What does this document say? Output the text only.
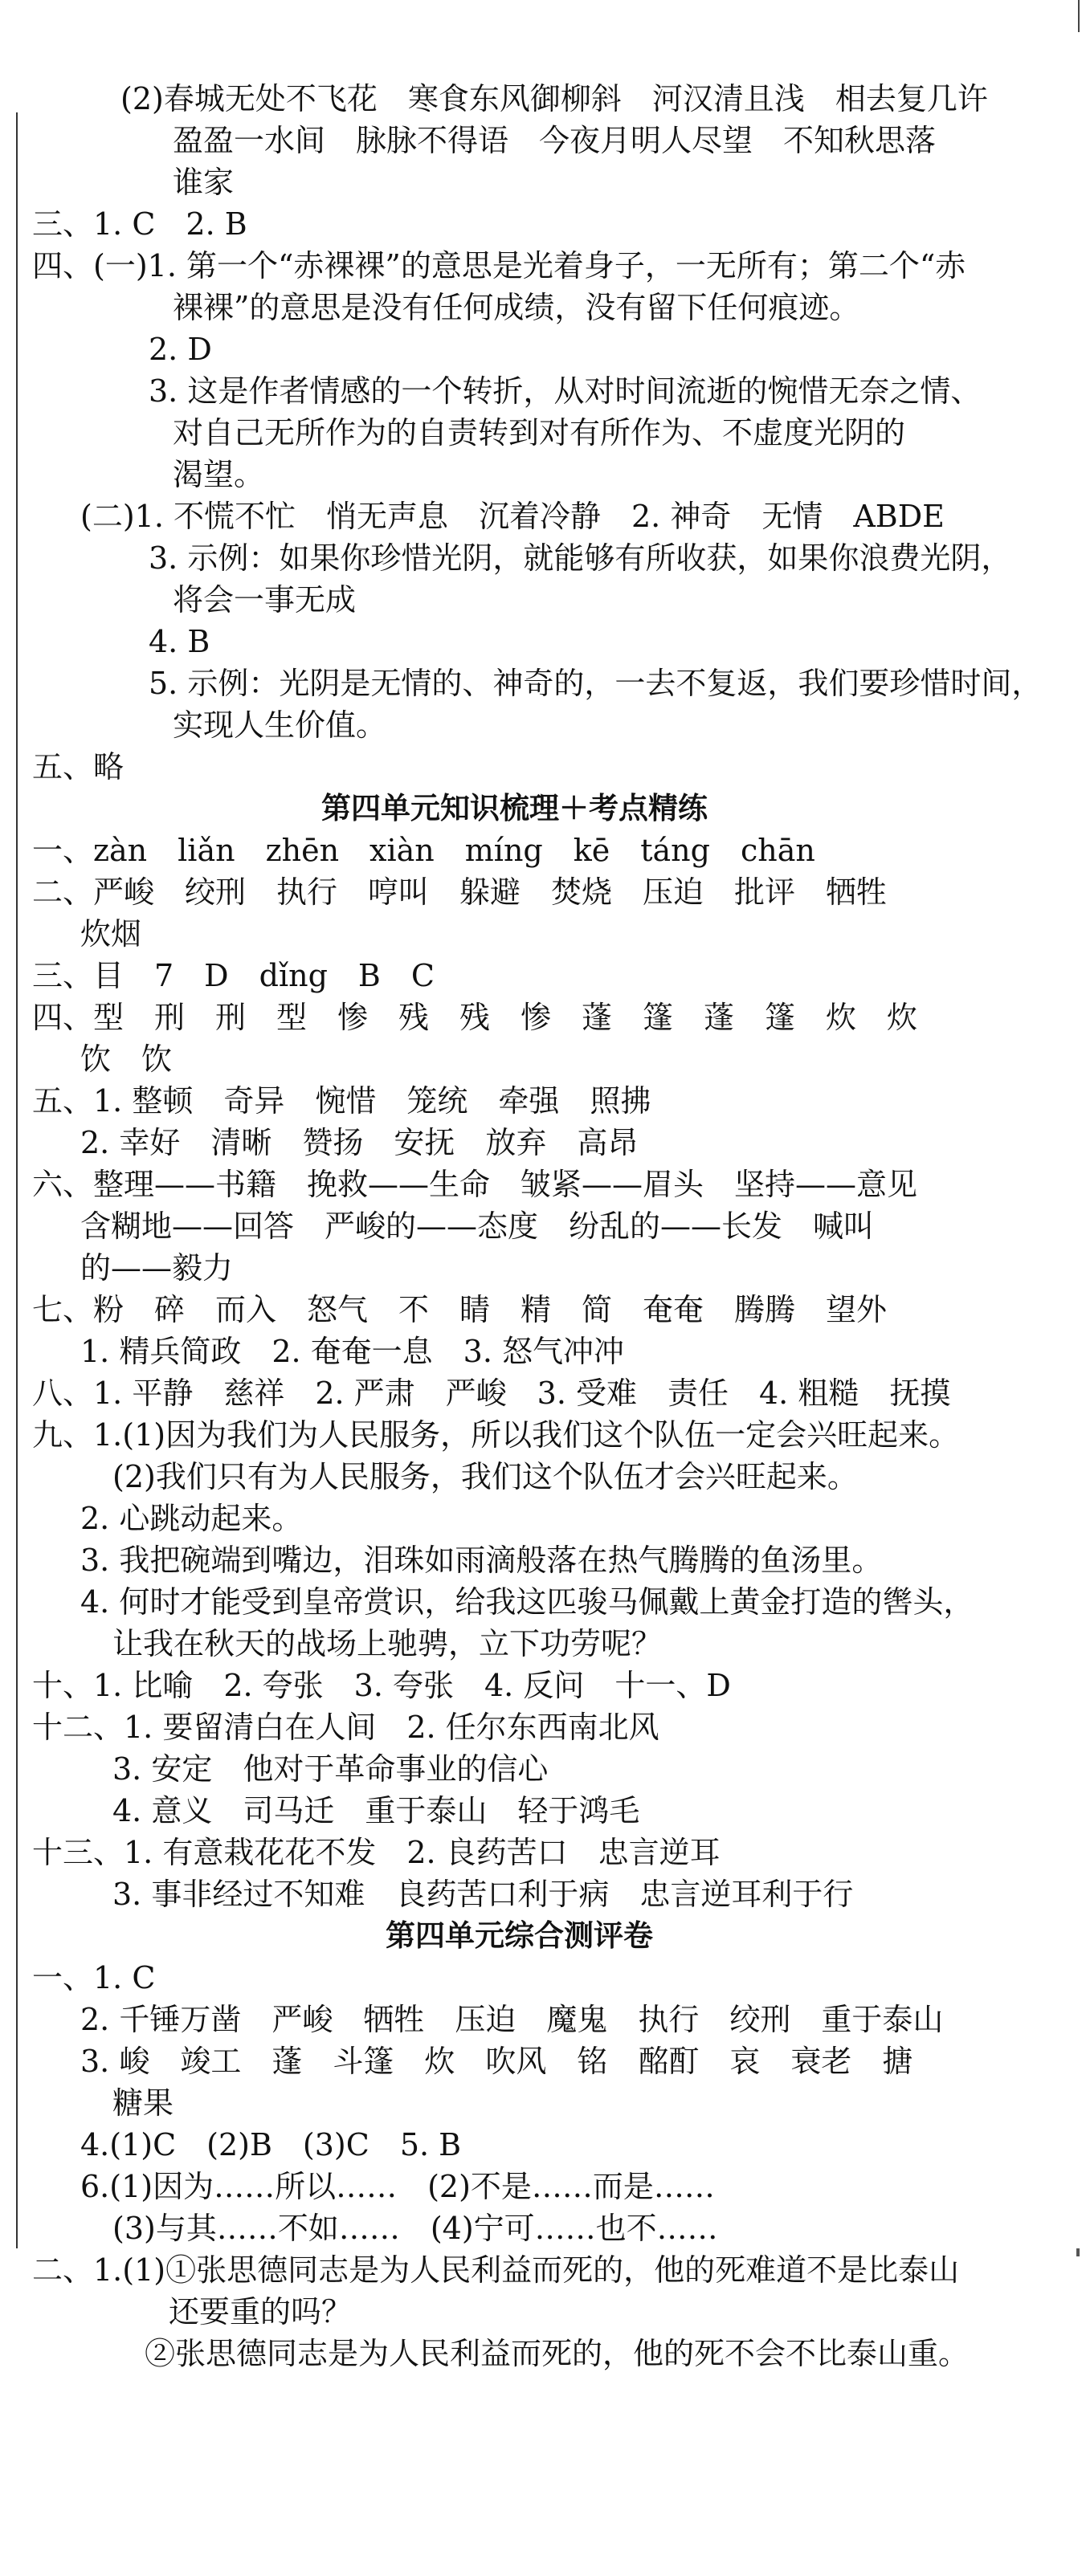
(2)春城无处不飞花　寒食东风御柳斜　河汉清且浅　相去复几许
盈盈一水间　脉脉不得语　今夜月明人尽望　不知秋思落
谁家
三、1. C　2. B
四、(一)1. 第一个“赤裸裸”的意思是光着身子，一无所有；第二个“赤
裸裸”的意思是没有任何成绩，没有留下任何痕迹。
2. D
3. 这是作者情感的一个转折，从对时间流逝的惋惜无奈之情、
对自己无所作为的自责转到对有所作为、不虚度光阴的
渴望。
(二)1. 不慌不忙　悄无声息　沉着冷静　2. 神奇　无情　ABDE
3. 示例：如果你珍惜光阴，就能够有所收获，如果你浪费光阴，
将会一事无成
4. B
5. 示例：光阴是无情的、神奇的，一去不复返，我们要珍惜时间，
实现人生价值。
五、略
第四单元知识梳理＋考点精练
一、zàn　liǎn　zhēn　xiàn　míng　kē　táng　chān
二、严峻　绞刑　执行　哼叫　躲避　焚烧　压迫　批评　牺牲
炊烟
三、目　7　D　dǐng　B　C
四、型　刑　刑　型　惨　残　残　惨　蓬　篷　蓬　篷　炊　炊
饮　饮
五、1. 整顿　奇异　惋惜　笼统　牵强　照拂
2. 幸好　清晰　赞扬　安抚　放弃　高昂
六、整理——书籍　挽救——生命　皱紧——眉头　坚持——意见
含糊地——回答　严峻的——态度　纷乱的——长发　喊叫
的——毅力
七、粉　碎　而入　怒气　不　睛　精　简　奄奄　腾腾　望外
1. 精兵简政　2. 奄奄一息　3. 怒气冲冲
八、1. 平静　慈祥　2. 严肃　严峻　3. 受难　责任　4. 粗糙　抚摸
九、1.(1)因为我们为人民服务，所以我们这个队伍一定会兴旺起来。
(2)我们只有为人民服务，我们这个队伍才会兴旺起来。
2. 心跳动起来。
3. 我把碗端到嘴边，泪珠如雨滴般落在热气腾腾的鱼汤里。
4. 何时才能受到皇帝赏识，给我这匹骏马佩戴上黄金打造的辔头，
让我在秋天的战场上驰骋，立下功劳呢？
十、1. 比喻　2. 夸张　3. 夸张　4. 反问　十一、D
十二、1. 要留清白在人间　2. 任尔东西南北风
3. 安定　他对于革命事业的信心
4. 意义　司马迁　重于泰山　轻于鸿毛
十三、1. 有意栽花花不发　2. 良药苦口　忠言逆耳
3. 事非经过不知难　良药苦口利于病　忠言逆耳利于行
第四单元综合测评卷
一、1. C
2. 千锤万凿　严峻　牺牲　压迫　魔鬼　执行　绞刑　重于泰山
3. 峻　竣工　蓬　斗篷　炊　吹风　铭　酩酊　哀　衰老　搪
糖果
4.(1)C　(2)B　(3)C　5. B
6.(1)因为……所以……　(2)不是……而是……
(3)与其……不如……　(4)宁可……也不……
二、1.(1)①张思德同志是为人民利益而死的，他的死难道不是比泰山
还要重的吗？
②张思德同志是为人民利益而死的，他的死不会不比泰山重。
